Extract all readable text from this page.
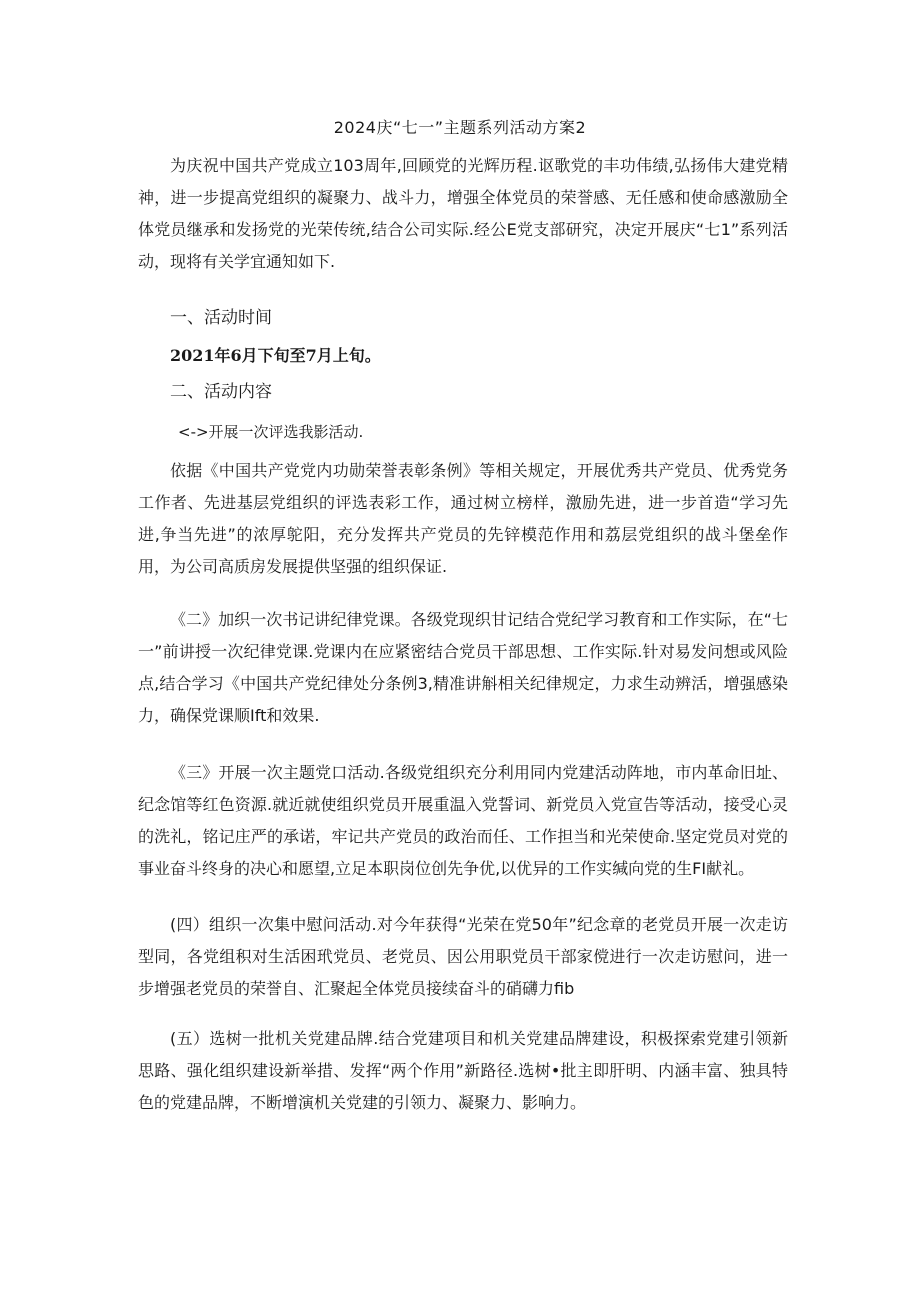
2024庆“七一”主题系列活动方案2
为庆祝中国共产党成立103周年,回顾党的光辉历程.讴歌党的丰功伟绩,弘扬伟大建党精神，进一步提高党组织的凝聚力、战斗力，增强全体党员的荣誉感、无任感和使命感激励全体党员继承和发扬党的光荣传统,结合公司实际.经公E党支部研究，决定开展庆“七1”系列活动，现将有关学宜通知如下.
一、活动时间
2021年6月下旬至7月上旬。
二、活动内容
<->开展一次评选我影活动.
依据《中国共产党党内功勋荣誉表彰条例》等相关规定，开展优秀共产党员、优秀党务工作者、先进基层党组织的评选表彩工作，通过树立榜样，激励先进，进一步首造“学习先进,争当先进”的浓厚鸵阳，充分发挥共产党员的先锌模范作用和荔层党组织的战斗堡垒作用，为公司高质房发展提供坚强的组织保证.
《二》加织一次书记讲纪律党课。各级党现织甘记结合党纪学习教育和工作实际，在“七一”前讲授一次纪律党课.党课内在应紧密结合党员干部思想、工作实际.针对易发问想或风险点,结合学习《中国共产党纪律处分条例3,精准讲斛相关纪律规定，力求生动辨活，增强感染力，确保党课顺Ift和效果.
《三》开展一次主题党口活动.各级党组织充分利用同内党建活动阵地，市内革命旧址、纪念馆等红色资源.就近就使组织党员开展重温入党誓词、新党员入党宣告等活动，接受心灵的洗礼，铭记庄严的承诺，牢记共产党员的政治而任、工作担当和光荣使命.坚定党员对党的事业奋斗终身的决心和愿望,立足本职岗位创先争优,以优异的工作实缄向党的生FI献礼。
(四）组织一次集中慰问活动.对今年获得“光荣在党50年”纪念章的老党员开展一次走访型同，各党组积对生活困玳党员、老党员、因公用职党员干部家傥进行一次走访慰问，进一步增强老党员的荣誉自、汇聚起全体党员接续奋斗的硝礴力fib
(五）选树一批机关党建品牌.结合党建项目和机关党建品牌建设，积极探索党建引领新思路、强化组织建设新举措、发挥“两个作用”新路径.选树•批主即肝明、内涵丰富、独具特色的党建品牌，不断增演机关党建的引领力、凝聚力、影响力。
